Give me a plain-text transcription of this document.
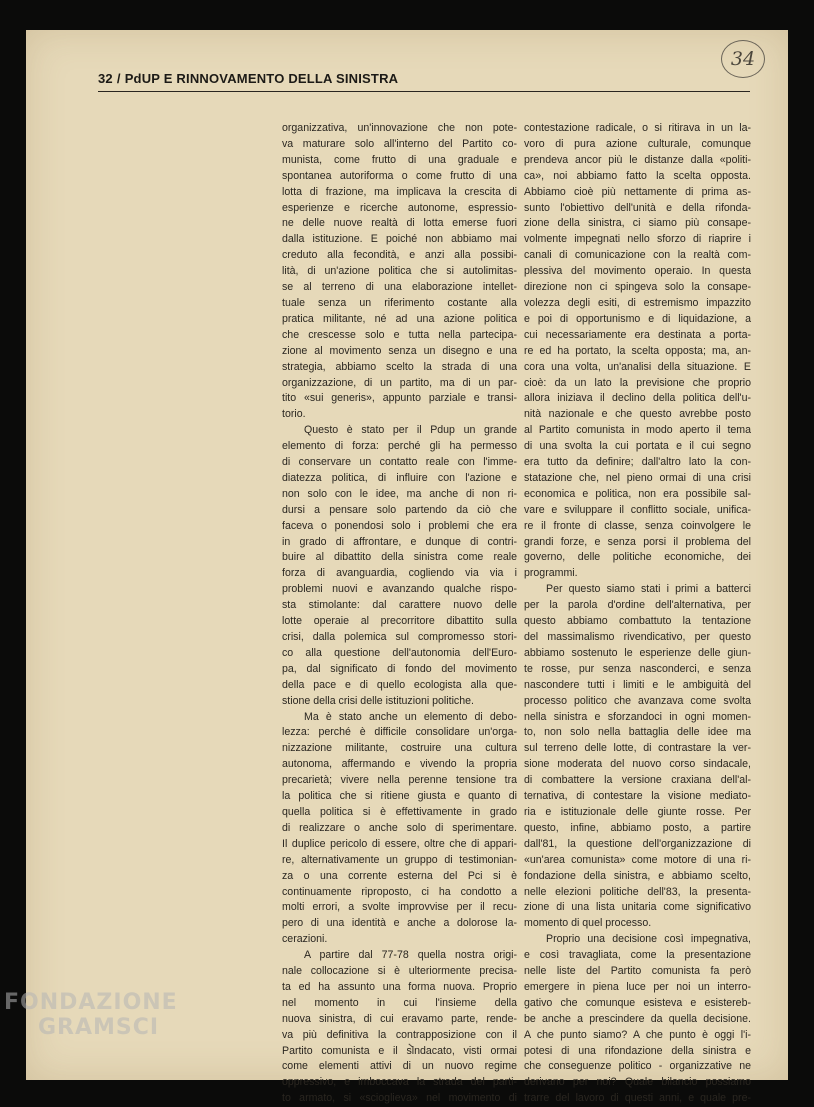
32 / PdUP E RINNOVAMENTO DELLA SINISTRA
34
organizzativa, un'innovazione che non pote-
va maturare solo all'interno del Partito co-
munista, come frutto di una graduale e
spontanea autoriforma o come frutto di una
lotta di frazione, ma implicava la crescita di
esperienze e ricerche autonome, espressio-
ne delle nuove realtà di lotta emerse fuori
dalla istituzione. E poiché non abbiamo mai
creduto alla fecondità, e anzi alla possibi-
lità, di un'azione politica che si autolimitas-
se al terreno di una elaborazione intellet-
tuale senza un riferimento costante alla
pratica militante, né ad una azione politica
che crescesse solo e tutta nella partecipa-
zione al movimento senza un disegno e una
strategia, abbiamo scelto la strada di una
organizzazione, di un partito, ma di un par-
tito «sui generis», appunto parziale e transi-
torio.
Questo è stato per il Pdup un grande
elemento di forza: perché gli ha permesso
di conservare un contatto reale con l'imme-
diatezza politica, di influire con l'azione e
non solo con le idee, ma anche di non ri-
dursi a pensare solo partendo da ciò che
faceva o ponendosi solo i problemi che era
in grado di affrontare, e dunque di contri-
buire al dibattito della sinistra come reale
forza di avanguardia, cogliendo via via i
problemi nuovi e avanzando qualche rispo-
sta stimolante: dal carattere nuovo delle
lotte operaie al precorritore dibattito sulla
crisi, dalla polemica sul compromesso stori-
co alla questione dell'autonomia dell'Euro-
pa, dal significato di fondo del movimento
della pace e di quello ecologista alla que-
stione della crisi delle istituzioni politiche.
Ma è stato anche un elemento di debo-
lezza: perché è difficile consolidare un'orga-
nizzazione militante, costruire una cultura
autonoma, affermando e vivendo la propria
precarietà; vivere nella perenne tensione tra
la politica che si ritiene giusta e quanto di
quella politica si è effettivamente in grado
di realizzare o anche solo di sperimentare.
Il duplice pericolo di essere, oltre che di appari-
re, alternativamente un gruppo di testimonian-
za o una corrente esterna del Pci si è
continuamente riproposto, ci ha condotto a
molti errori, a svolte improvvise per il recu-
pero di una identità e anche a dolorose la-
cerazioni.
A partire dal 77-78 quella nostra origi-
nale collocazione si è ulteriormente precisa-
ta ed ha assunto una forma nuova. Proprio
nel momento in cui l'insieme della
nuova sinistra, di cui eravamo parte, rende-
va più definitiva la contrapposizione con il
Partito comunista e il sindacato, visti ormai
come elementi attivi di un nuovo regime
oppressivo, e imboccava la strada del parti-
to armato, si «scioglieva» nel movimento di
contestazione radicale, o si ritirava in un la-
voro di pura azione culturale, comunque
prendeva ancor più le distanze dalla «politi-
ca», noi abbiamo fatto la scelta opposta.
Abbiamo cioè più nettamente di prima as-
sunto l'obiettivo dell'unità e della rifonda-
zione della sinistra, ci siamo più consape-
volmente impegnati nello sforzo di riaprire i
canali di comunicazione con la realtà com-
plessiva del movimento operaio. In questa
direzione non ci spingeva solo la consape-
volezza degli esiti, di estremismo impazzito
e poi di opportunismo e di liquidazione, a
cui necessariamente era destinata a porta-
re ed ha portato, la scelta opposta; ma, an-
cora una volta, un'analisi della situazione. E
cioè: da un lato la previsione che proprio
allora iniziava il declino della politica dell'u-
nità nazionale e che questo avrebbe posto
al Partito comunista in modo aperto il tema
di una svolta la cui portata e il cui segno
era tutto da definire; dall'altro lato la con-
statazione che, nel pieno ormai di una crisi
economica e politica, non era possibile sal-
vare e sviluppare il conflitto sociale, unifica-
re il fronte di classe, senza coinvolgere le
grandi forze, e senza porsi il problema del
governo, delle politiche economiche, dei
programmi.
Per questo siamo stati i primi a batterci
per la parola d'ordine dell'alternativa, per
questo abbiamo combattuto la tentazione
del massimalismo rivendicativo, per questo
abbiamo sostenuto le esperienze delle giun-
te rosse, pur senza nasconderci, e senza
nascondere tutti i limiti e le ambiguità del
processo politico che avanzava come svolta
nella sinistra e sforzandoci in ogni momen-
to, non solo nella battaglia delle idee ma
sul terreno delle lotte, di contrastare la ver-
sione moderata del nuovo corso sindacale,
di combattere la versione craxiana dell'al-
ternativa, di contestare la visione mediato-
ria e istituzionale delle giunte rosse. Per
questo, infine, abbiamo posto, a partire
dall'81, la questione dell'organizzazione di
«un'area comunista» come motore di una ri-
fondazione della sinistra, e abbiamo scelto,
nelle elezioni politiche dell'83, la presenta-
zione di una lista unitaria come significativo
momento di quel processo.
Proprio una decisione così impegnativa,
e così travagliata, come la presentazione
nelle liste del Partito comunista fa però
emergere in piena luce per noi un interro-
gativo che comunque esisteva e esistereb-
be anche a prescindere da quella decisione.
A che punto siamo? A che punto è oggi l'i-
potesi di una rifondazione della sinistra e
che conseguenze politico - organizzative ne
derivano per noi? Quale bilancio possiamo
trarre del lavoro di questi anni, e quale pre-
FONDAZIONE
GRAMSCI
